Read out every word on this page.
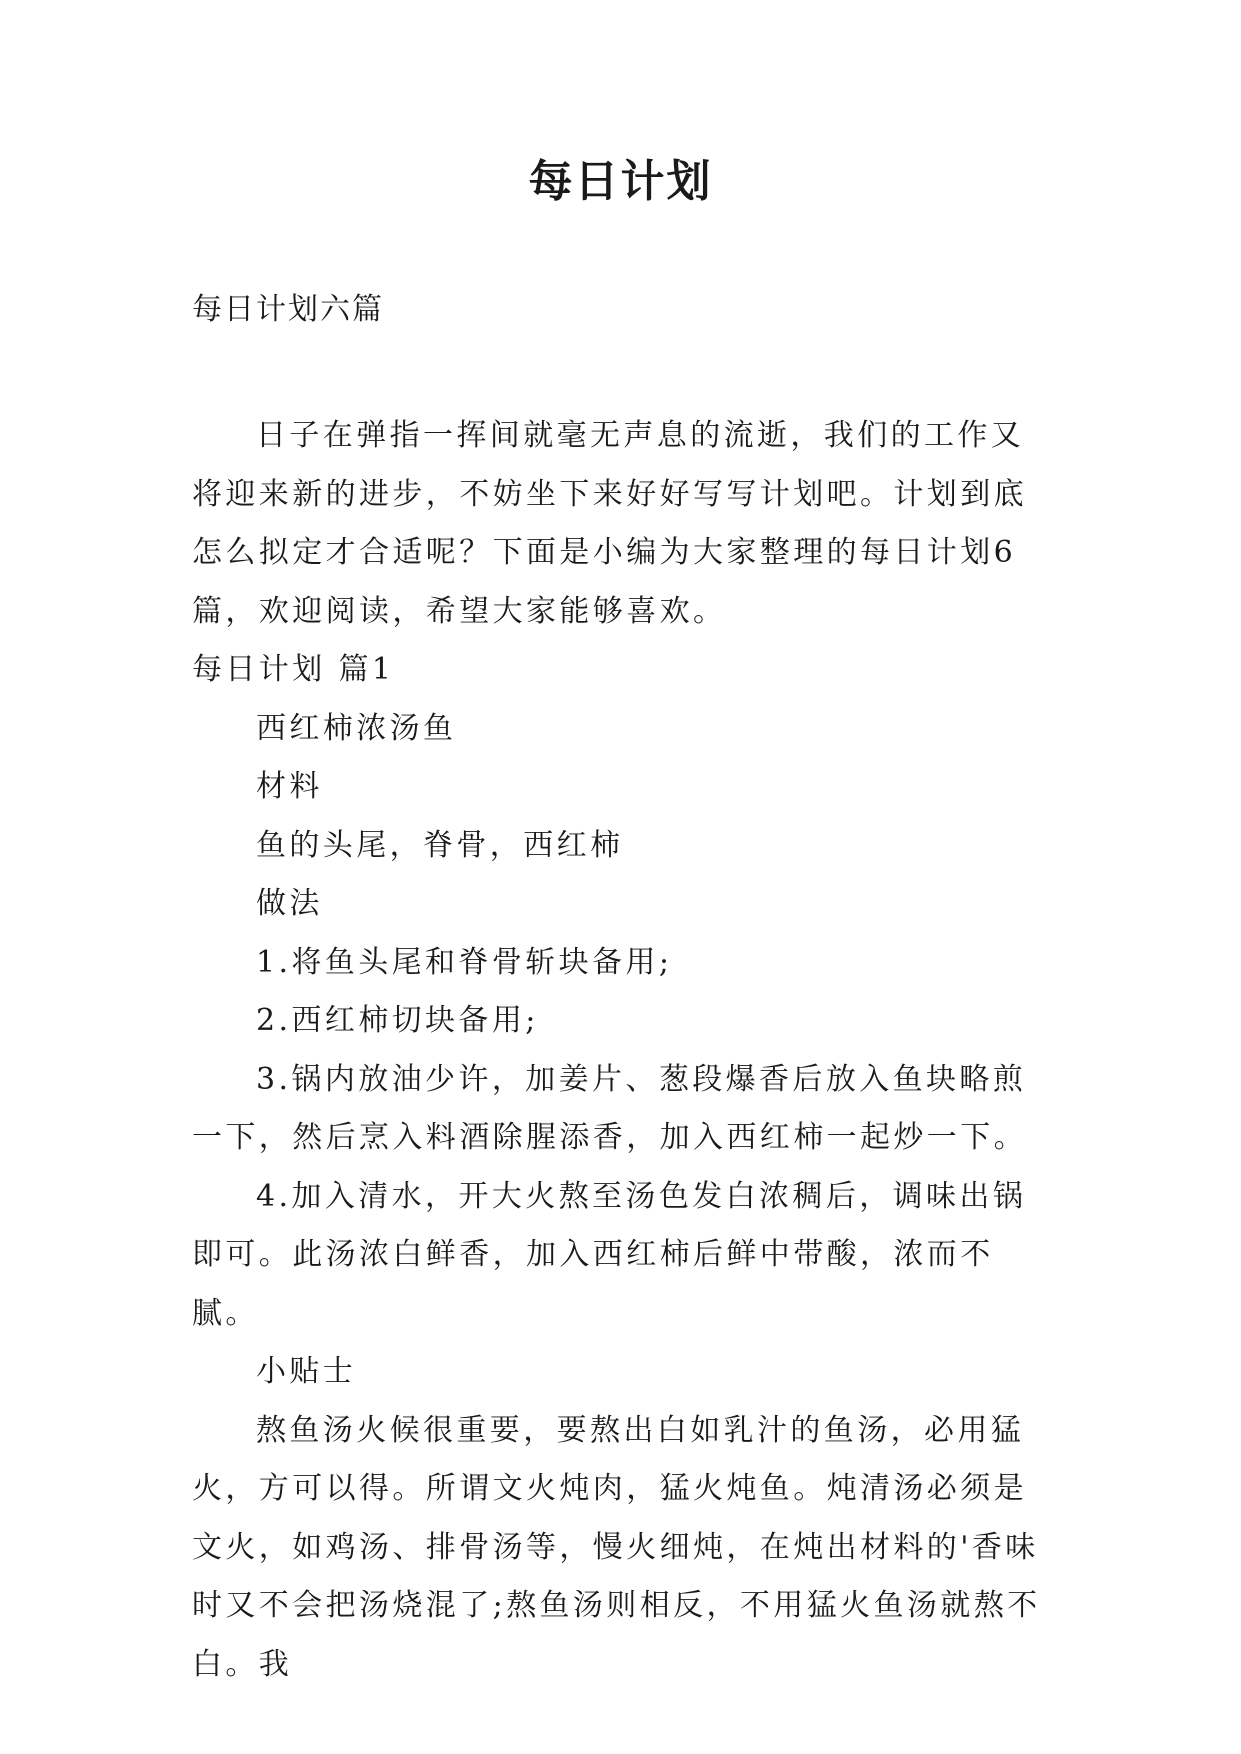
每日计划
每日计划六篇

日子在弹指一挥间就毫无声息的流逝，我们的工作又将迎来新的进步，不妨坐下来好好写写计划吧。计划到底怎么拟定才合适呢？下面是小编为大家整理的每日计划6篇，欢迎阅读，希望大家能够喜欢。

每日计划 篇1

西红柿浓汤鱼

材料

鱼的头尾，脊骨，西红柿

做法

1.将鱼头尾和脊骨斩块备用;

2.西红柿切块备用;

3.锅内放油少许，加姜片、葱段爆香后放入鱼块略煎一下，然后烹入料酒除腥添香，加入西红柿一起炒一下。

4.加入清水，开大火熬至汤色发白浓稠后，调味出锅即可。此汤浓白鲜香，加入西红柿后鲜中带酸，浓而不腻。

小贴士

熬鱼汤火候很重要，要熬出白如乳汁的鱼汤，必用猛火，方可以得。所谓文火炖肉，猛火炖鱼。炖清汤必须是文火，如鸡汤、排骨汤等，慢火细炖，在炖出材料的'香味时又不会把汤烧混了;熬鱼汤则相反，不用猛火鱼汤就熬不白。我
